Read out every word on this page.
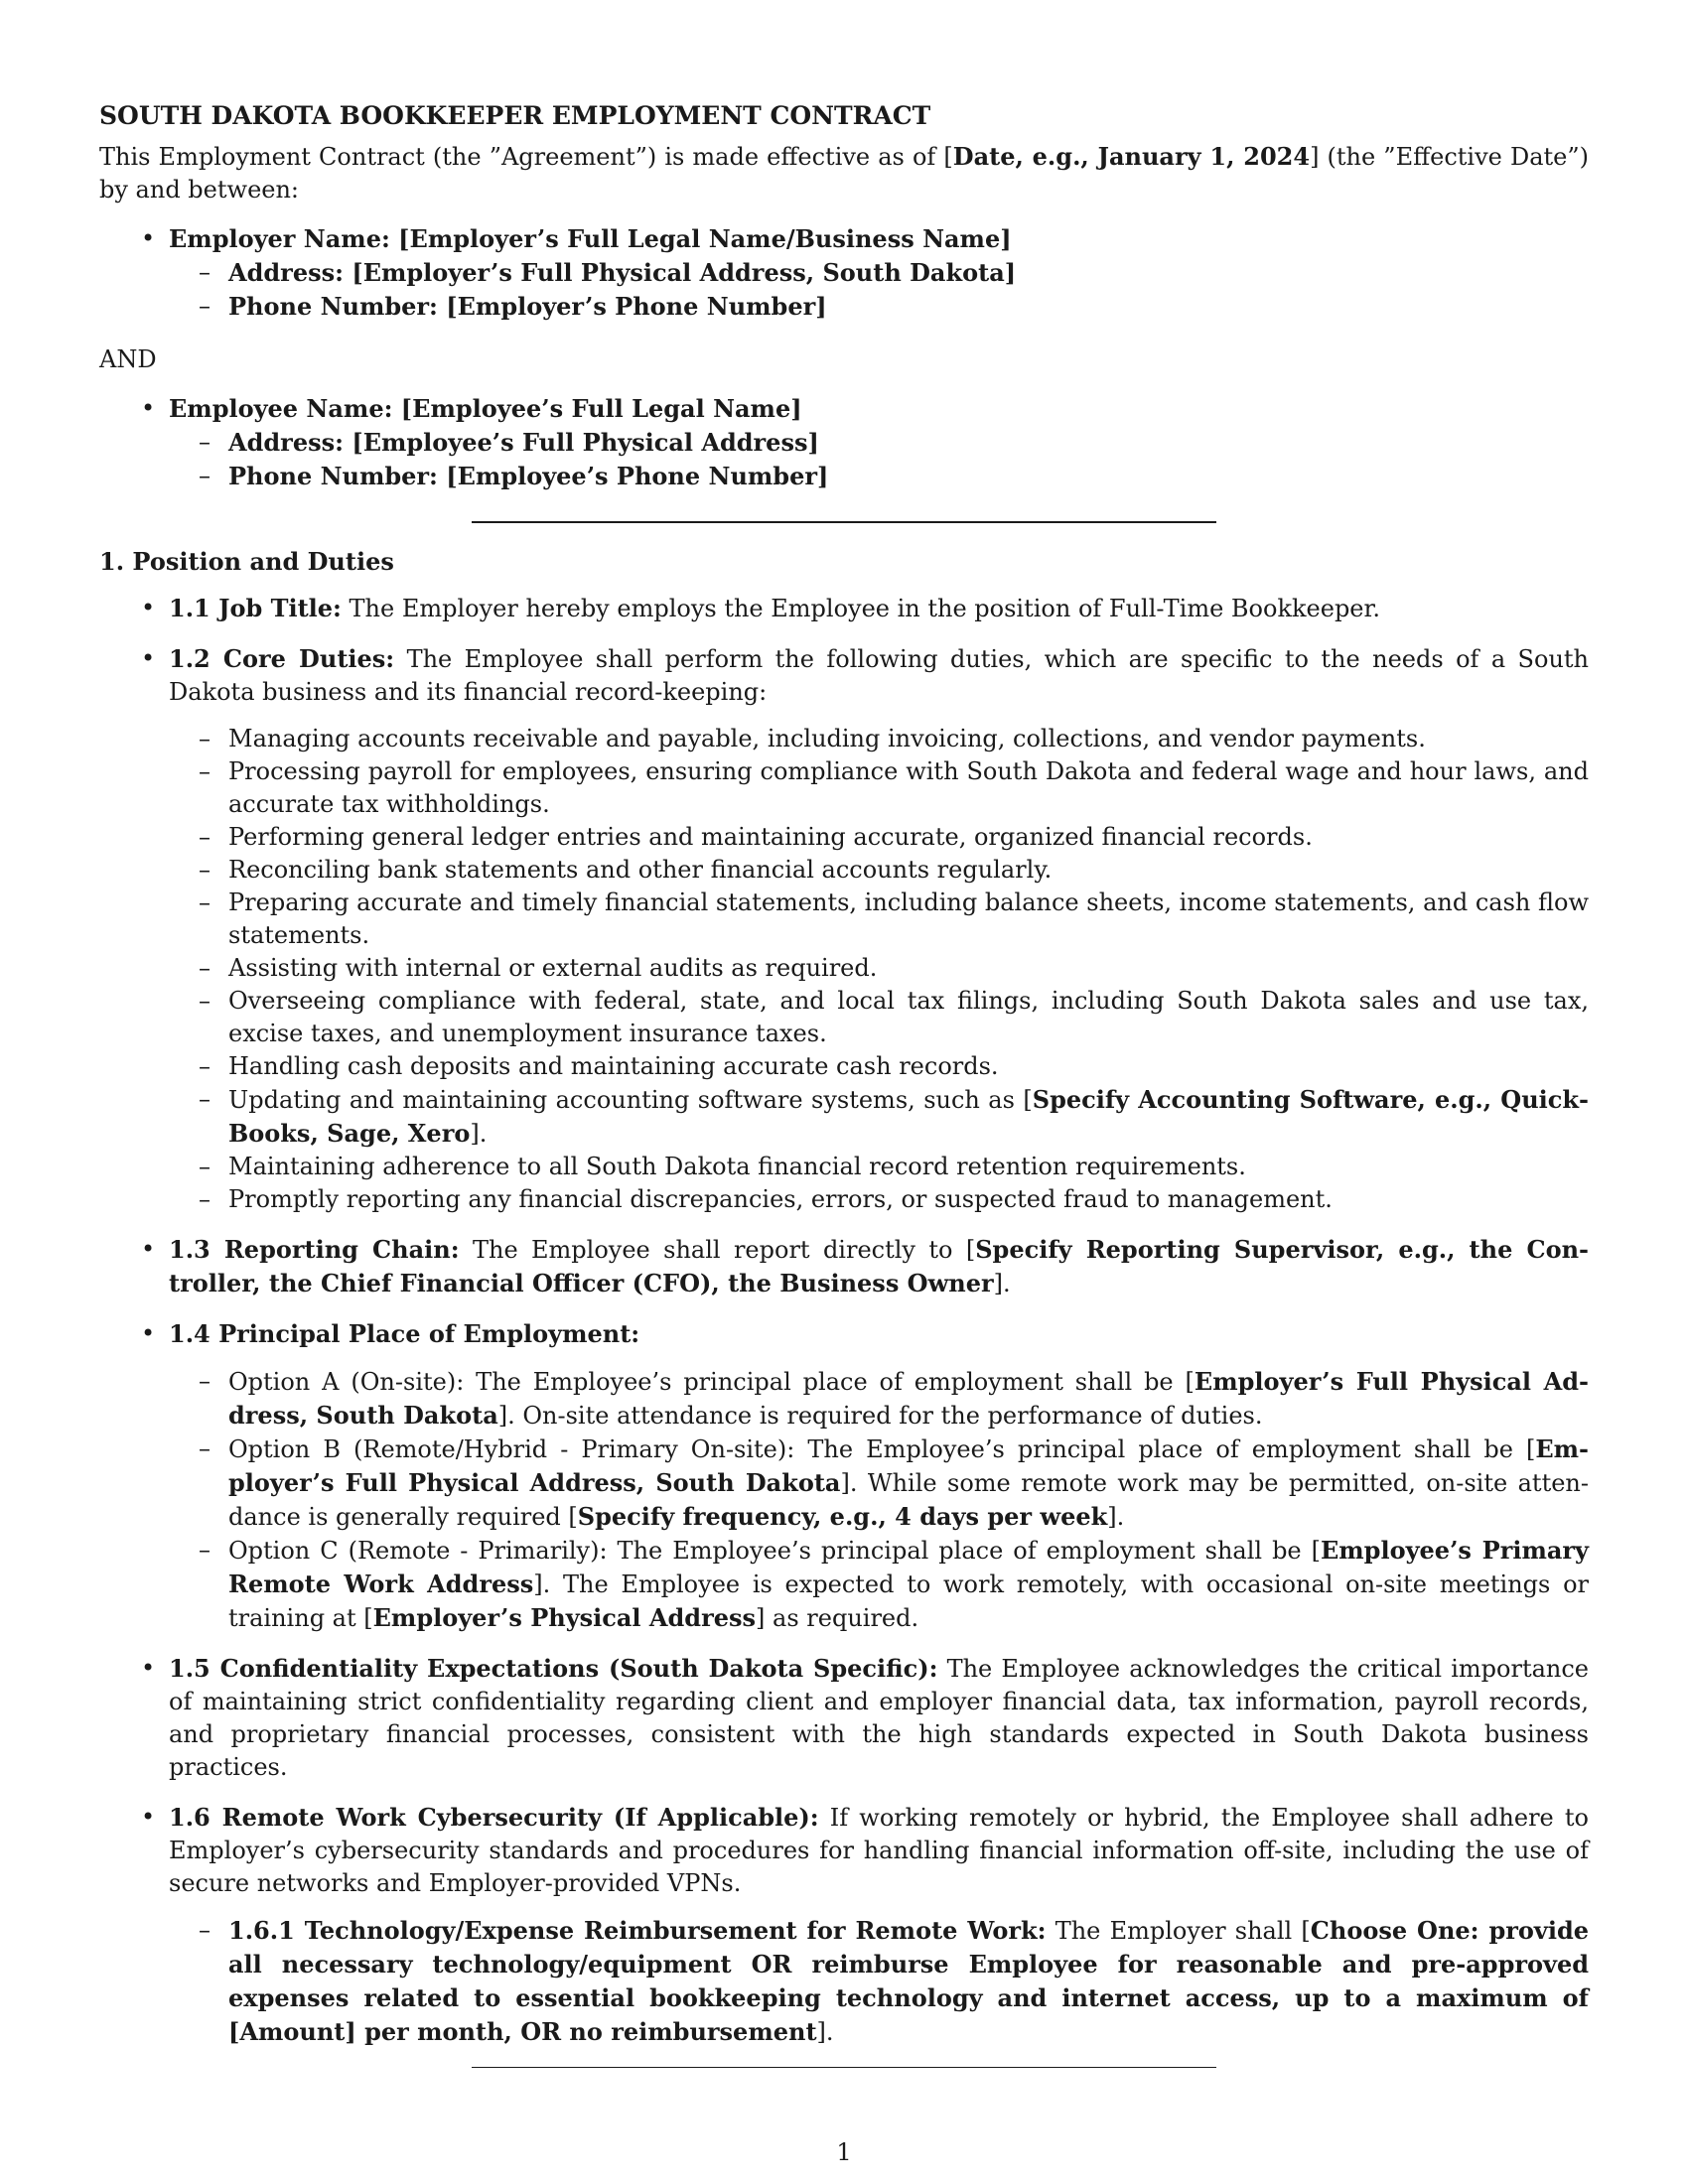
SOUTH DAKOTA BOOKKEEPER EMPLOYMENT CONTRACT

This Employment Contract (the ”Agreement”) is made effective as of [Date, e.g., January 1, 2024] (the ”Effective Date”) by and between:

• Employer Name: [Employer’s Full Legal Name/Business Name]
– Address: [Employer’s Full Physical Address, South Dakota]
– Phone Number: [Employer’s Phone Number]

AND

• Employee Name: [Employee’s Full Legal Name]
– Address: [Employee’s Full Physical Address]
– Phone Number: [Employee’s Phone Number]
1. Position and Duties
• 1.1 Job Title: The Employer hereby employs the Employee in the position of Full-Time Bookkeeper.
• 1.2 Core Duties: The Employee shall perform the following duties, which are specific to the needs of a South Dakota business and its financial record-keeping:
– Managing accounts receivable and payable, including invoicing, collections, and vendor payments.
– Processing payroll for employees, ensuring compliance with South Dakota and federal wage and hour laws, and accurate tax withholdings.
– Performing general ledger entries and maintaining accurate, organized financial records.
– Reconciling bank statements and other financial accounts regularly.
– Preparing accurate and timely financial statements, including balance sheets, income statements, and cash flow statements.
– Assisting with internal or external audits as required.
– Overseeing compliance with federal, state, and local tax filings, including South Dakota sales and use tax, excise taxes, and unemployment insurance taxes.
– Handling cash deposits and maintaining accurate cash records.
– Updating and maintaining accounting software systems, such as [Specify Accounting Software, e.g., QuickBooks, Sage, Xero].
– Maintaining adherence to all South Dakota financial record retention requirements.
– Promptly reporting any financial discrepancies, errors, or suspected fraud to management.
• 1.3 Reporting Chain: The Employee shall report directly to [Specify Reporting Supervisor, e.g., the Controller, the Chief Financial Officer (CFO), the Business Owner].
• 1.4 Principal Place of Employment:
– Option A (On-site): The Employee’s principal place of employment shall be [Employer’s Full Physical Address, South Dakota]. On-site attendance is required for the performance of duties.
– Option B (Remote/Hybrid - Primary On-site): The Employee’s principal place of employment shall be [Employer’s Full Physical Address, South Dakota]. While some remote work may be permitted, on-site attendance is generally required [Specify frequency, e.g., 4 days per week].
– Option C (Remote - Primarily): The Employee’s principal place of employment shall be [Employee’s Primary Remote Work Address]. The Employee is expected to work remotely, with occasional on-site meetings or training at [Employer’s Physical Address] as required.
• 1.5 Confidentiality Expectations (South Dakota Specific): The Employee acknowledges the critical importance of maintaining strict confidentiality regarding client and employer financial data, tax information, payroll records, and proprietary financial processes, consistent with the high standards expected in South Dakota business practices.
• 1.6 Remote Work Cybersecurity (If Applicable): If working remotely or hybrid, the Employee shall adhere to Employer’s cybersecurity standards and procedures for handling financial information off-site, including the use of secure networks and Employer-provided VPNs.
– 1.6.1 Technology/Expense Reimbursement for Remote Work: The Employer shall [Choose One: provide all necessary technology/equipment OR reimburse Employee for reasonable and pre-approved expenses related to essential bookkeeping technology and internet access, up to a maximum of [Amount] per month, OR no reimbursement].
1
